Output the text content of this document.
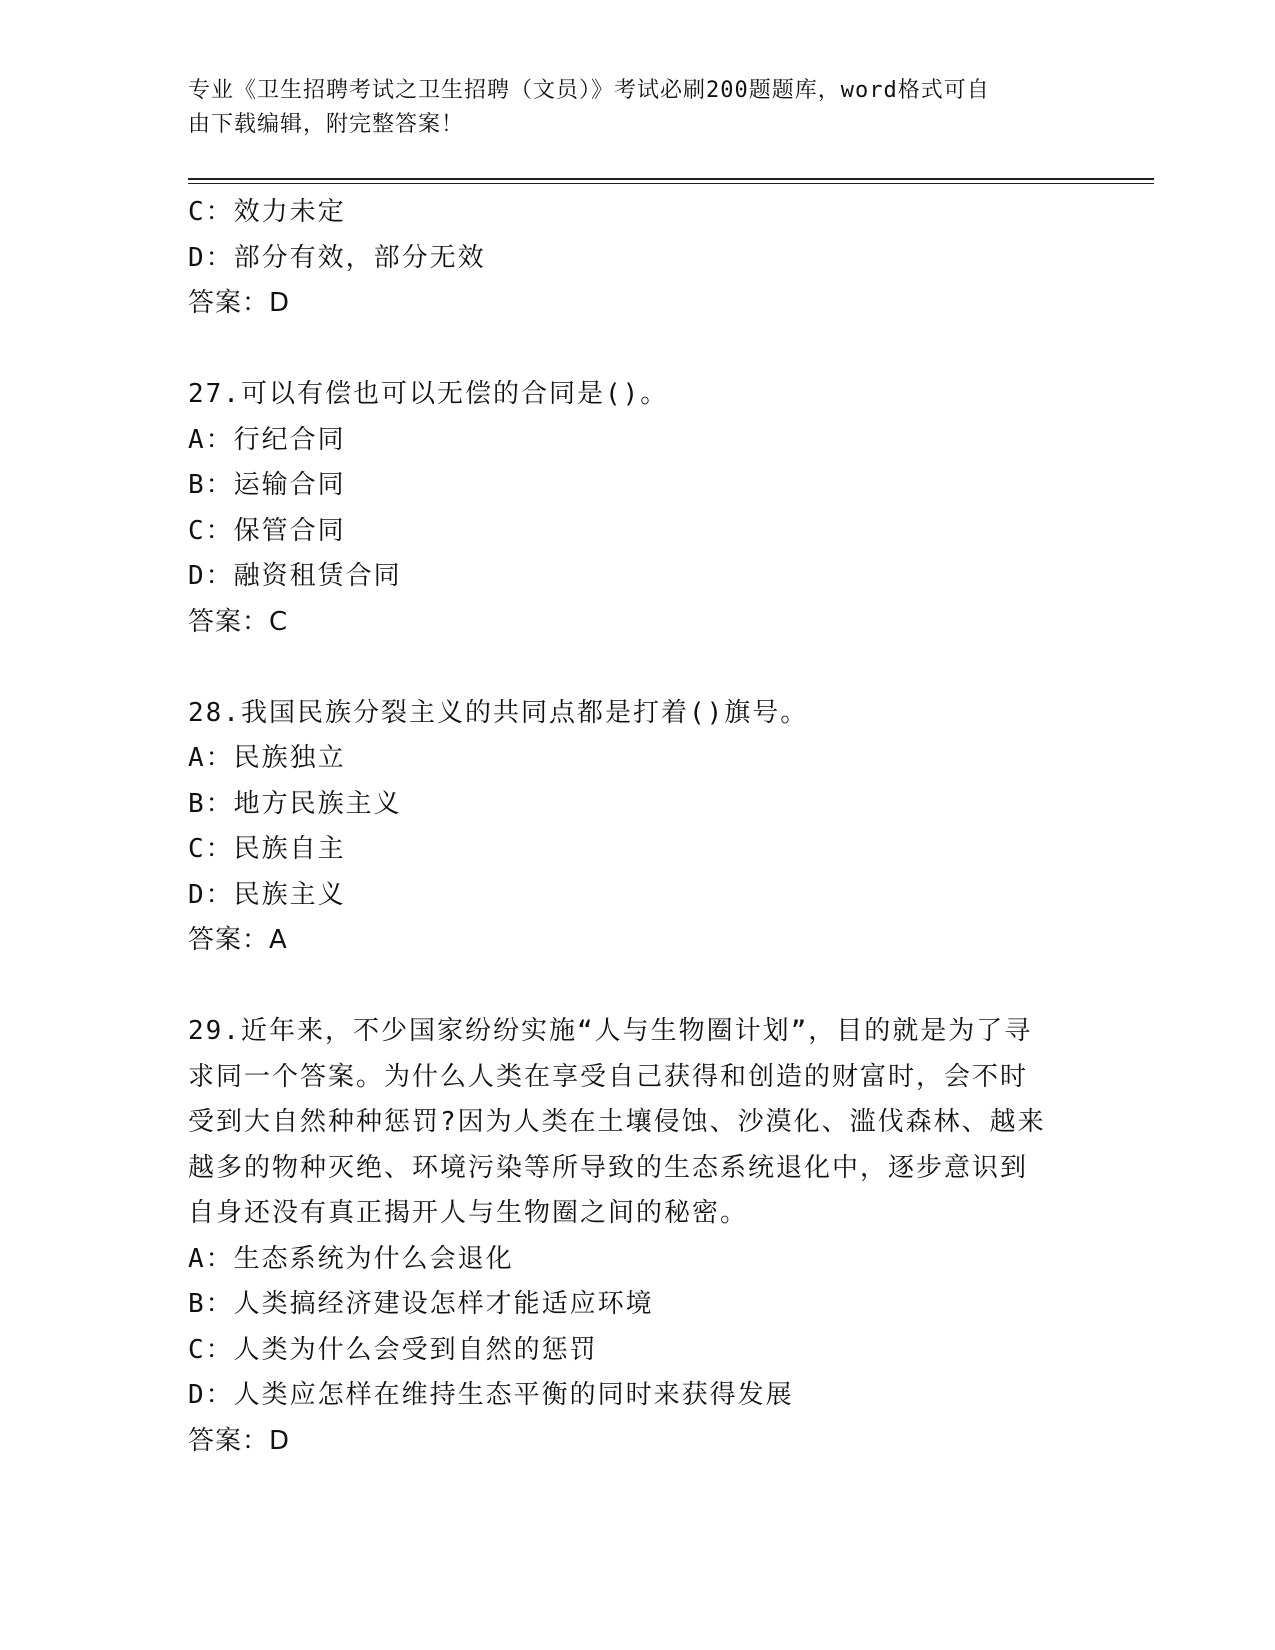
专业《卫生招聘考试之卫生招聘（文员）》考试必刷200题题库，word格式可自
由下载编辑，附完整答案！
C：效力未定
D：部分有效，部分无效
答案：D
27.可以有偿也可以无偿的合同是()。
A：行纪合同
B：运输合同
C：保管合同
D：融资租赁合同
答案：C
28.我国民族分裂主义的共同点都是打着()旗号。
A：民族独立
B：地方民族主义
C：民族自主
D：民族主义
答案：A
29.近年来，不少国家纷纷实施“人与生物圈计划”，目的就是为了寻
求同一个答案。为什么人类在享受自己获得和创造的财富时，会不时
受到大自然种种惩罚?因为人类在土壤侵蚀、沙漠化、滥伐森林、越来
越多的物种灭绝、环境污染等所导致的生态系统退化中，逐步意识到
自身还没有真正揭开人与生物圈之间的秘密。
A：生态系统为什么会退化
B：人类搞经济建设怎样才能适应环境
C：人类为什么会受到自然的惩罚
D：人类应怎样在维持生态平衡的同时来获得发展
答案：D
